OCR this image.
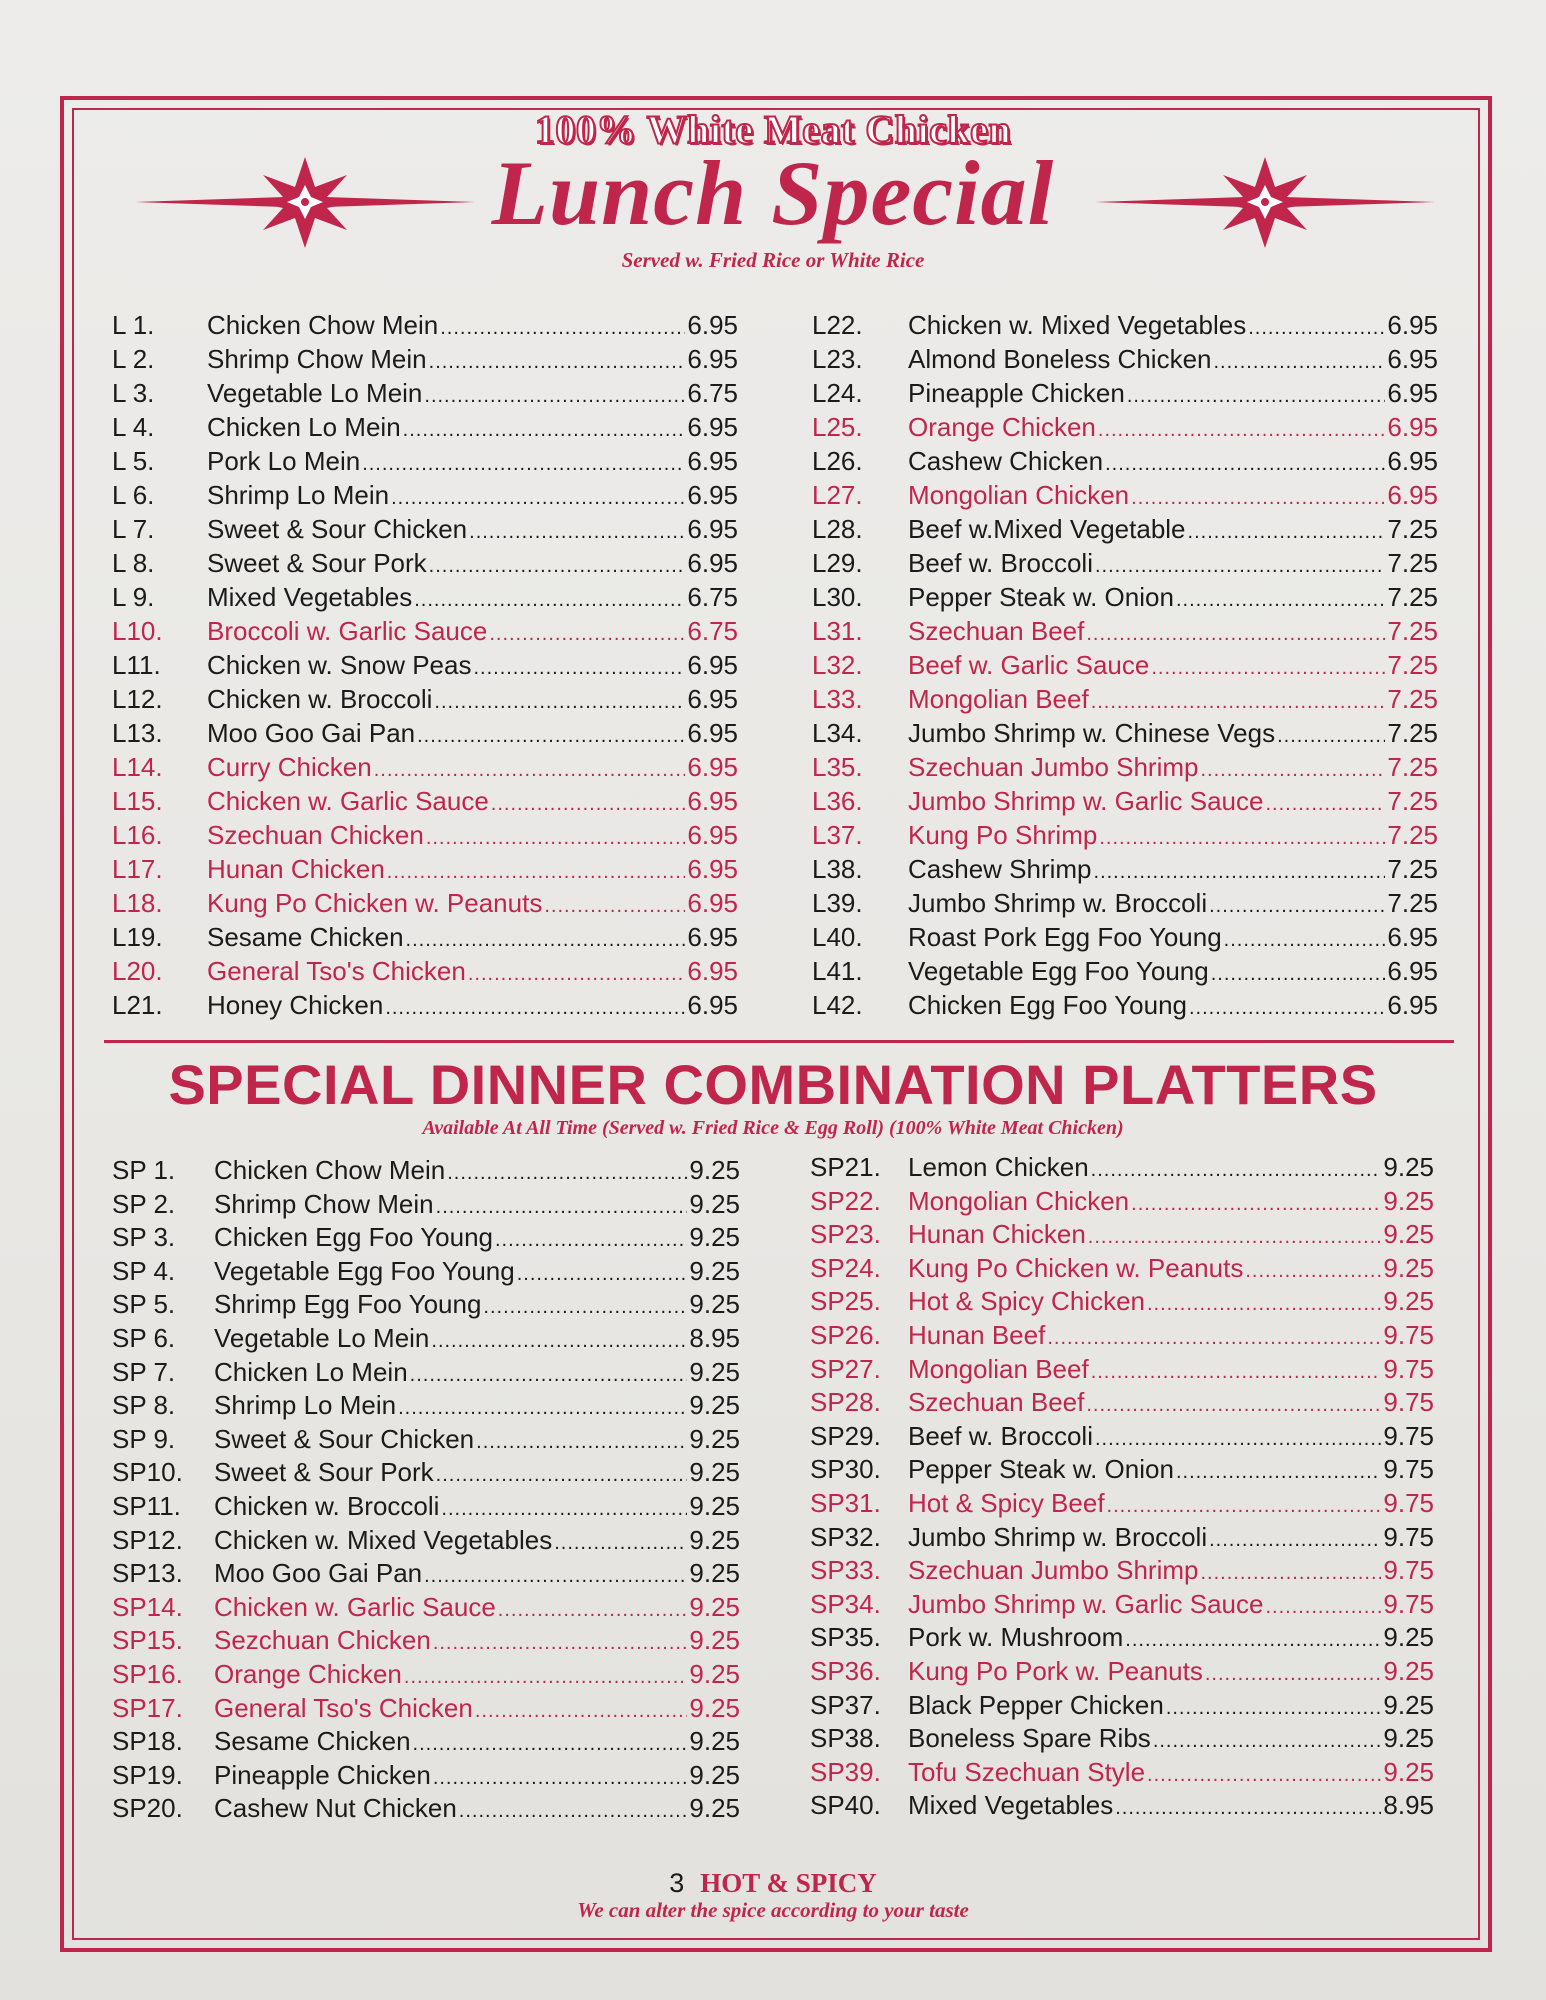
100% White Meat Chicken
Lunch Special
Served w. Fried Rice or White Rice
L 1.	Chicken Chow Mein .....	6.95
L 2.	Shrimp Chow Mein .....	6.95
L 3.	Vegetable Lo Mein .....	6.75
L 4.	Chicken Lo Mein .....	6.95
L 5.	Pork Lo Mein .....	6.95
L 6.	Shrimp Lo Mein .....	6.95
L 7.	Sweet & Sour Chicken .....	6.95
L 8.	Sweet & Sour Pork .....	6.95
L 9.	Mixed Vegetables .....	6.75
L10.	Broccoli w. Garlic Sauce .....	6.75
L11.	Chicken w. Snow Peas .....	6.95
L12.	Chicken w. Broccoli .....	6.95
L13.	Moo Goo Gai Pan .....	6.95
L14.	Curry Chicken .....	6.95
L15.	Chicken w. Garlic Sauce .....	6.95
L16.	Szechuan Chicken .....	6.95
L17.	Hunan Chicken .....	6.95
L18.	Kung Po Chicken w. Peanuts .....	6.95
L19.	Sesame Chicken .....	6.95
L20.	General Tso's Chicken .....	6.95
L21.	Honey Chicken .....	6.95
L22.	Chicken w. Mixed Vegetables .....	6.95
L23.	Almond Boneless Chicken .....	6.95
L24.	Pineapple Chicken .....	6.95
L25.	Orange Chicken .....	6.95
L26.	Cashew Chicken .....	6.95
L27.	Mongolian Chicken .....	6.95
L28.	Beef w.Mixed Vegetable .....	7.25
L29.	Beef w. Broccoli .....	7.25
L30.	Pepper Steak w. Onion .....	7.25
L31.	Szechuan Beef .....	7.25
L32.	Beef w. Garlic Sauce .....	7.25
L33.	Mongolian Beef .....	7.25
L34.	Jumbo Shrimp w. Chinese Vegs .....	7.25
L35.	Szechuan Jumbo Shrimp .....	7.25
L36.	Jumbo Shrimp w. Garlic Sauce .....	7.25
L37.	Kung Po Shrimp .....	7.25
L38.	Cashew Shrimp .....	7.25
L39.	Jumbo Shrimp w. Broccoli .....	7.25
L40.	Roast Pork Egg Foo Young .....	6.95
L41.	Vegetable Egg Foo Young .....	6.95
L42.	Chicken Egg Foo Young .....	6.95
SPECIAL DINNER COMBINATION PLATTERS
Available At All Time (Served w. Fried Rice & Egg Roll) (100% White Meat Chicken)
SP 1.	Chicken Chow Mein .....	9.25
SP 2.	Shrimp Chow Mein .....	9.25
SP 3.	Chicken Egg Foo Young .....	9.25
SP 4.	Vegetable Egg Foo Young .....	9.25
SP 5.	Shrimp Egg Foo Young .....	9.25
SP 6.	Vegetable Lo Mein .....	8.95
SP 7.	Chicken Lo Mein .....	9.25
SP 8.	Shrimp Lo Mein .....	9.25
SP 9.	Sweet & Sour Chicken .....	9.25
SP10.	Sweet & Sour Pork .....	9.25
SP11.	Chicken w. Broccoli .....	9.25
SP12.	Chicken w. Mixed Vegetables .....	9.25
SP13.	Moo Goo Gai Pan .....	9.25
SP14.	Chicken w. Garlic Sauce .....	9.25
SP15.	Sezchuan Chicken .....	9.25
SP16.	Orange Chicken .....	9.25
SP17.	General Tso's Chicken .....	9.25
SP18.	Sesame Chicken .....	9.25
SP19.	Pineapple Chicken .....	9.25
SP20.	Cashew Nut Chicken .....	9.25
SP21.	Lemon Chicken .....	9.25
SP22.	Mongolian Chicken .....	9.25
SP23.	Hunan Chicken .....	9.25
SP24.	Kung Po Chicken w. Peanuts .....	9.25
SP25.	Hot & Spicy Chicken .....	9.25
SP26.	Hunan Beef .....	9.75
SP27.	Mongolian Beef .....	9.75
SP28.	Szechuan Beef .....	9.75
SP29.	Beef w. Broccoli .....	9.75
SP30.	Pepper Steak w. Onion .....	9.75
SP31.	Hot & Spicy Beef .....	9.75
SP32.	Jumbo Shrimp w. Broccoli .....	9.75
SP33.	Szechuan Jumbo Shrimp .....	9.75
SP34.	Jumbo Shrimp w. Garlic Sauce .....	9.75
SP35.	Pork w. Mushroom .....	9.25
SP36.	Kung Po Pork w. Peanuts .....	9.25
SP37.	Black Pepper Chicken .....	9.25
SP38.	Boneless Spare Ribs .....	9.25
SP39.	Tofu Szechuan Style .....	9.25
SP40.	Mixed Vegetables .....	8.95
3 HOT & SPICY
We can alter the spice according to your taste
